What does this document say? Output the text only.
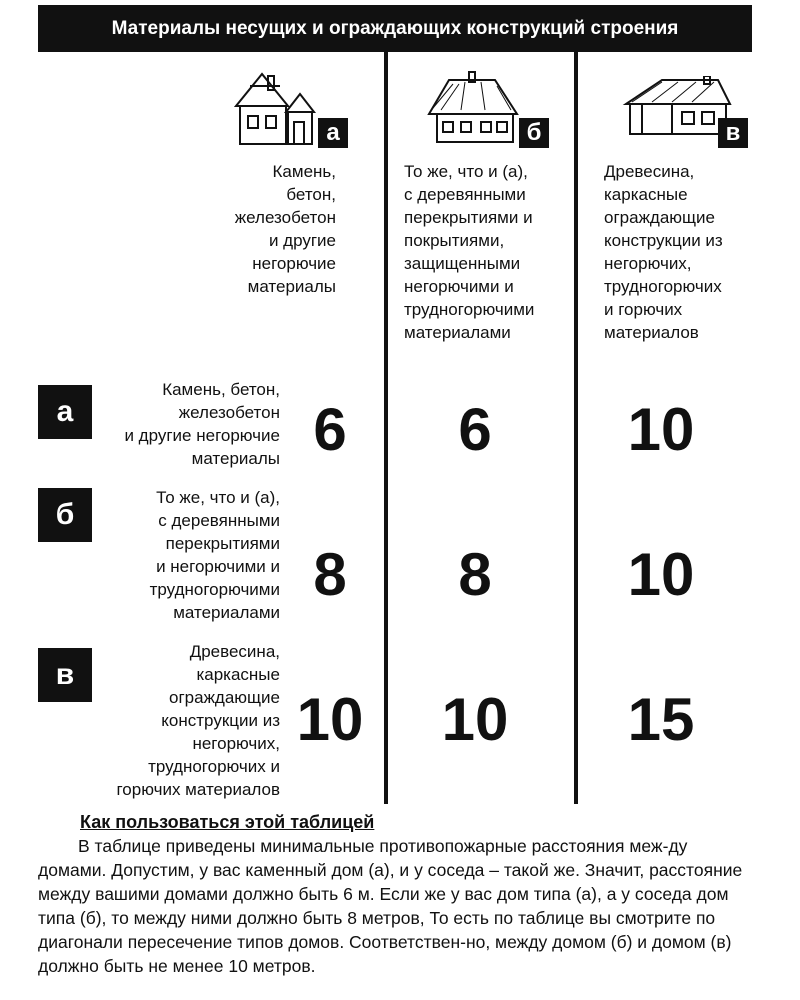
Материалы несущих и ограждающих конструкций строения
а
Камень,
бетон,
железобетон
и другие
негорючие
материалы
б
То же, что и (а),
с деревянными
перекрытиями и
покрытиями,
защищенными
негорючими и
трудногорючими
материалами
в
Древесина,
каркасные
ограждающие
конструкции из
негорючих,
трудногорючих
и горючих
материалов
а
Камень, бетон,
железобетон
и другие негорючие
материалы 6	6	10
б
То же, что и (а),
с деревянными
перекрытиями
и негорючими и
трудногорючими
материалами
8	8	10
в
Древесина,
каркасные
ограждающие
конструкции из
негорючих,
трудногорючих и
горючих материалов
10	10	15
Как пользоваться этой таблицей
В таблице приведены минимальные противопожарные расстояния меж-ду домами. Допустим, у вас каменный дом (а), и у соседа – такой же. Значит, расстояние между вашими домами должно быть 6 м. Если же у вас дом типа (а), а у соседа дом типа (б), то между ними должно быть 8 метров, То есть по таблице вы смотрите по диагонали пересечение типов домов. Соответствен-но, между домом (б) и домом (в) должно быть не менее 10 метров.
